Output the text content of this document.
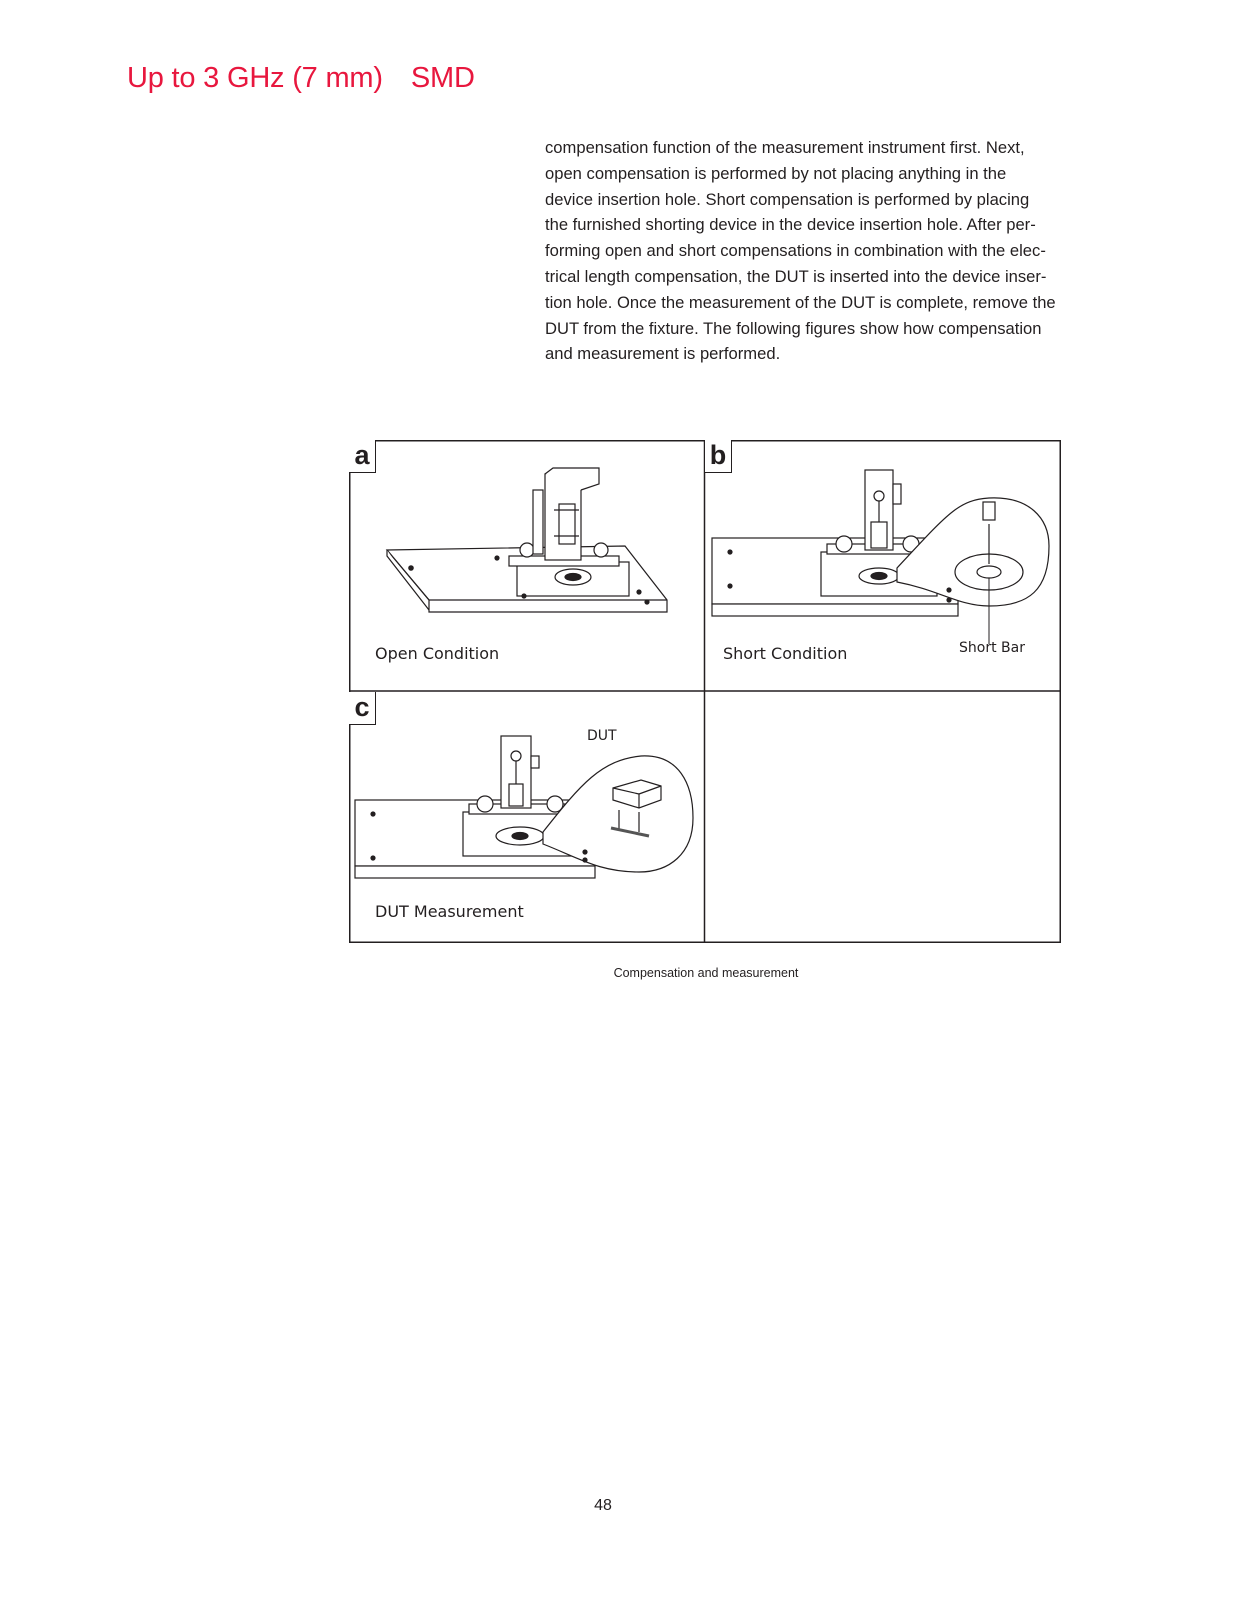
Up to 3 GHz (7 mm) SMD
compensation function of the measurement instrument first. Next,
open compensation is performed by not placing anything in the
device insertion hole. Short compensation is performed by placing
the furnished shorting device in the device insertion hole. After per-
forming open and short compensations in combination with the elec-
trical length compensation, the DUT is inserted into the device inser-
tion hole. Once the measurement of the DUT is complete, remove the
DUT from the fixture. The following figures show how compensation
and measurement is performed.
a	b
c
Open Condition	Short Condition	Short Bar
DUT Measurement
DUT
Compensation and measurement
48
